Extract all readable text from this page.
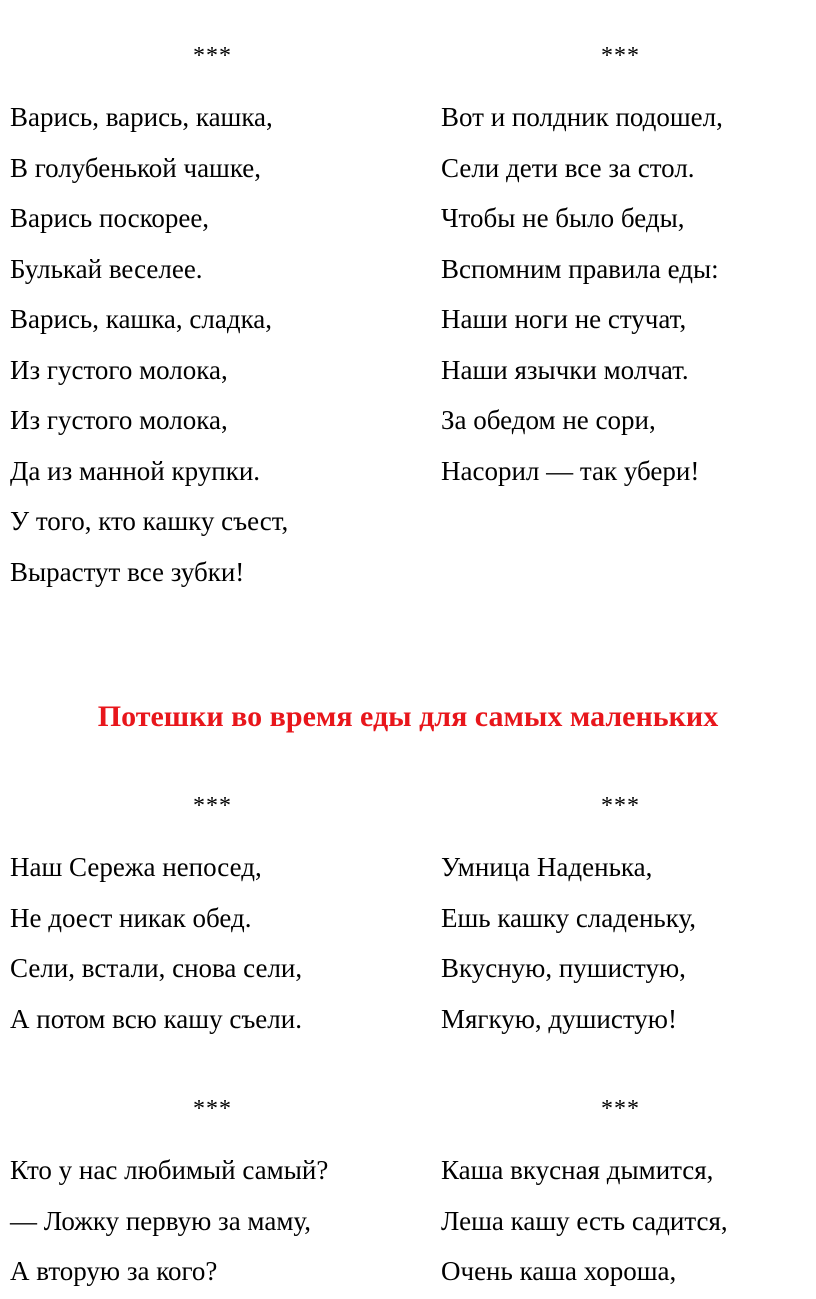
***
Варись, варись, кашка,
В голубенькой чашке,
Варись поскорее,
Булькай веселее.
Варись, кашка, сладка,
Из густого молока,
Из густого молока,
Да из манной крупки.
У того, кто кашку съест,
Вырастут все зубки!
***
Вот и полдник подошел,
Сели дети все за стол.
Чтобы не было беды,
Вспомним правила еды:
Наши ноги не стучат,
Наши язычки молчат.
За обедом не сори,
Насорил — так убери!
Потешки во время еды для самых маленьких
***
Наш Сережа непосед,
Не доест никак обед.
Сели, встали, снова сели,
А потом всю кашу съели.
***
Умница Наденька,
Ешь кашку сладеньку,
Вкусную, пушистую,
Мягкую, душистую!
***
Кто у нас любимый самый?
— Ложку первую за маму,
А вторую за кого?
***
Каша вкусная дымится,
Леша кашу есть садится,
Очень каша хороша,
